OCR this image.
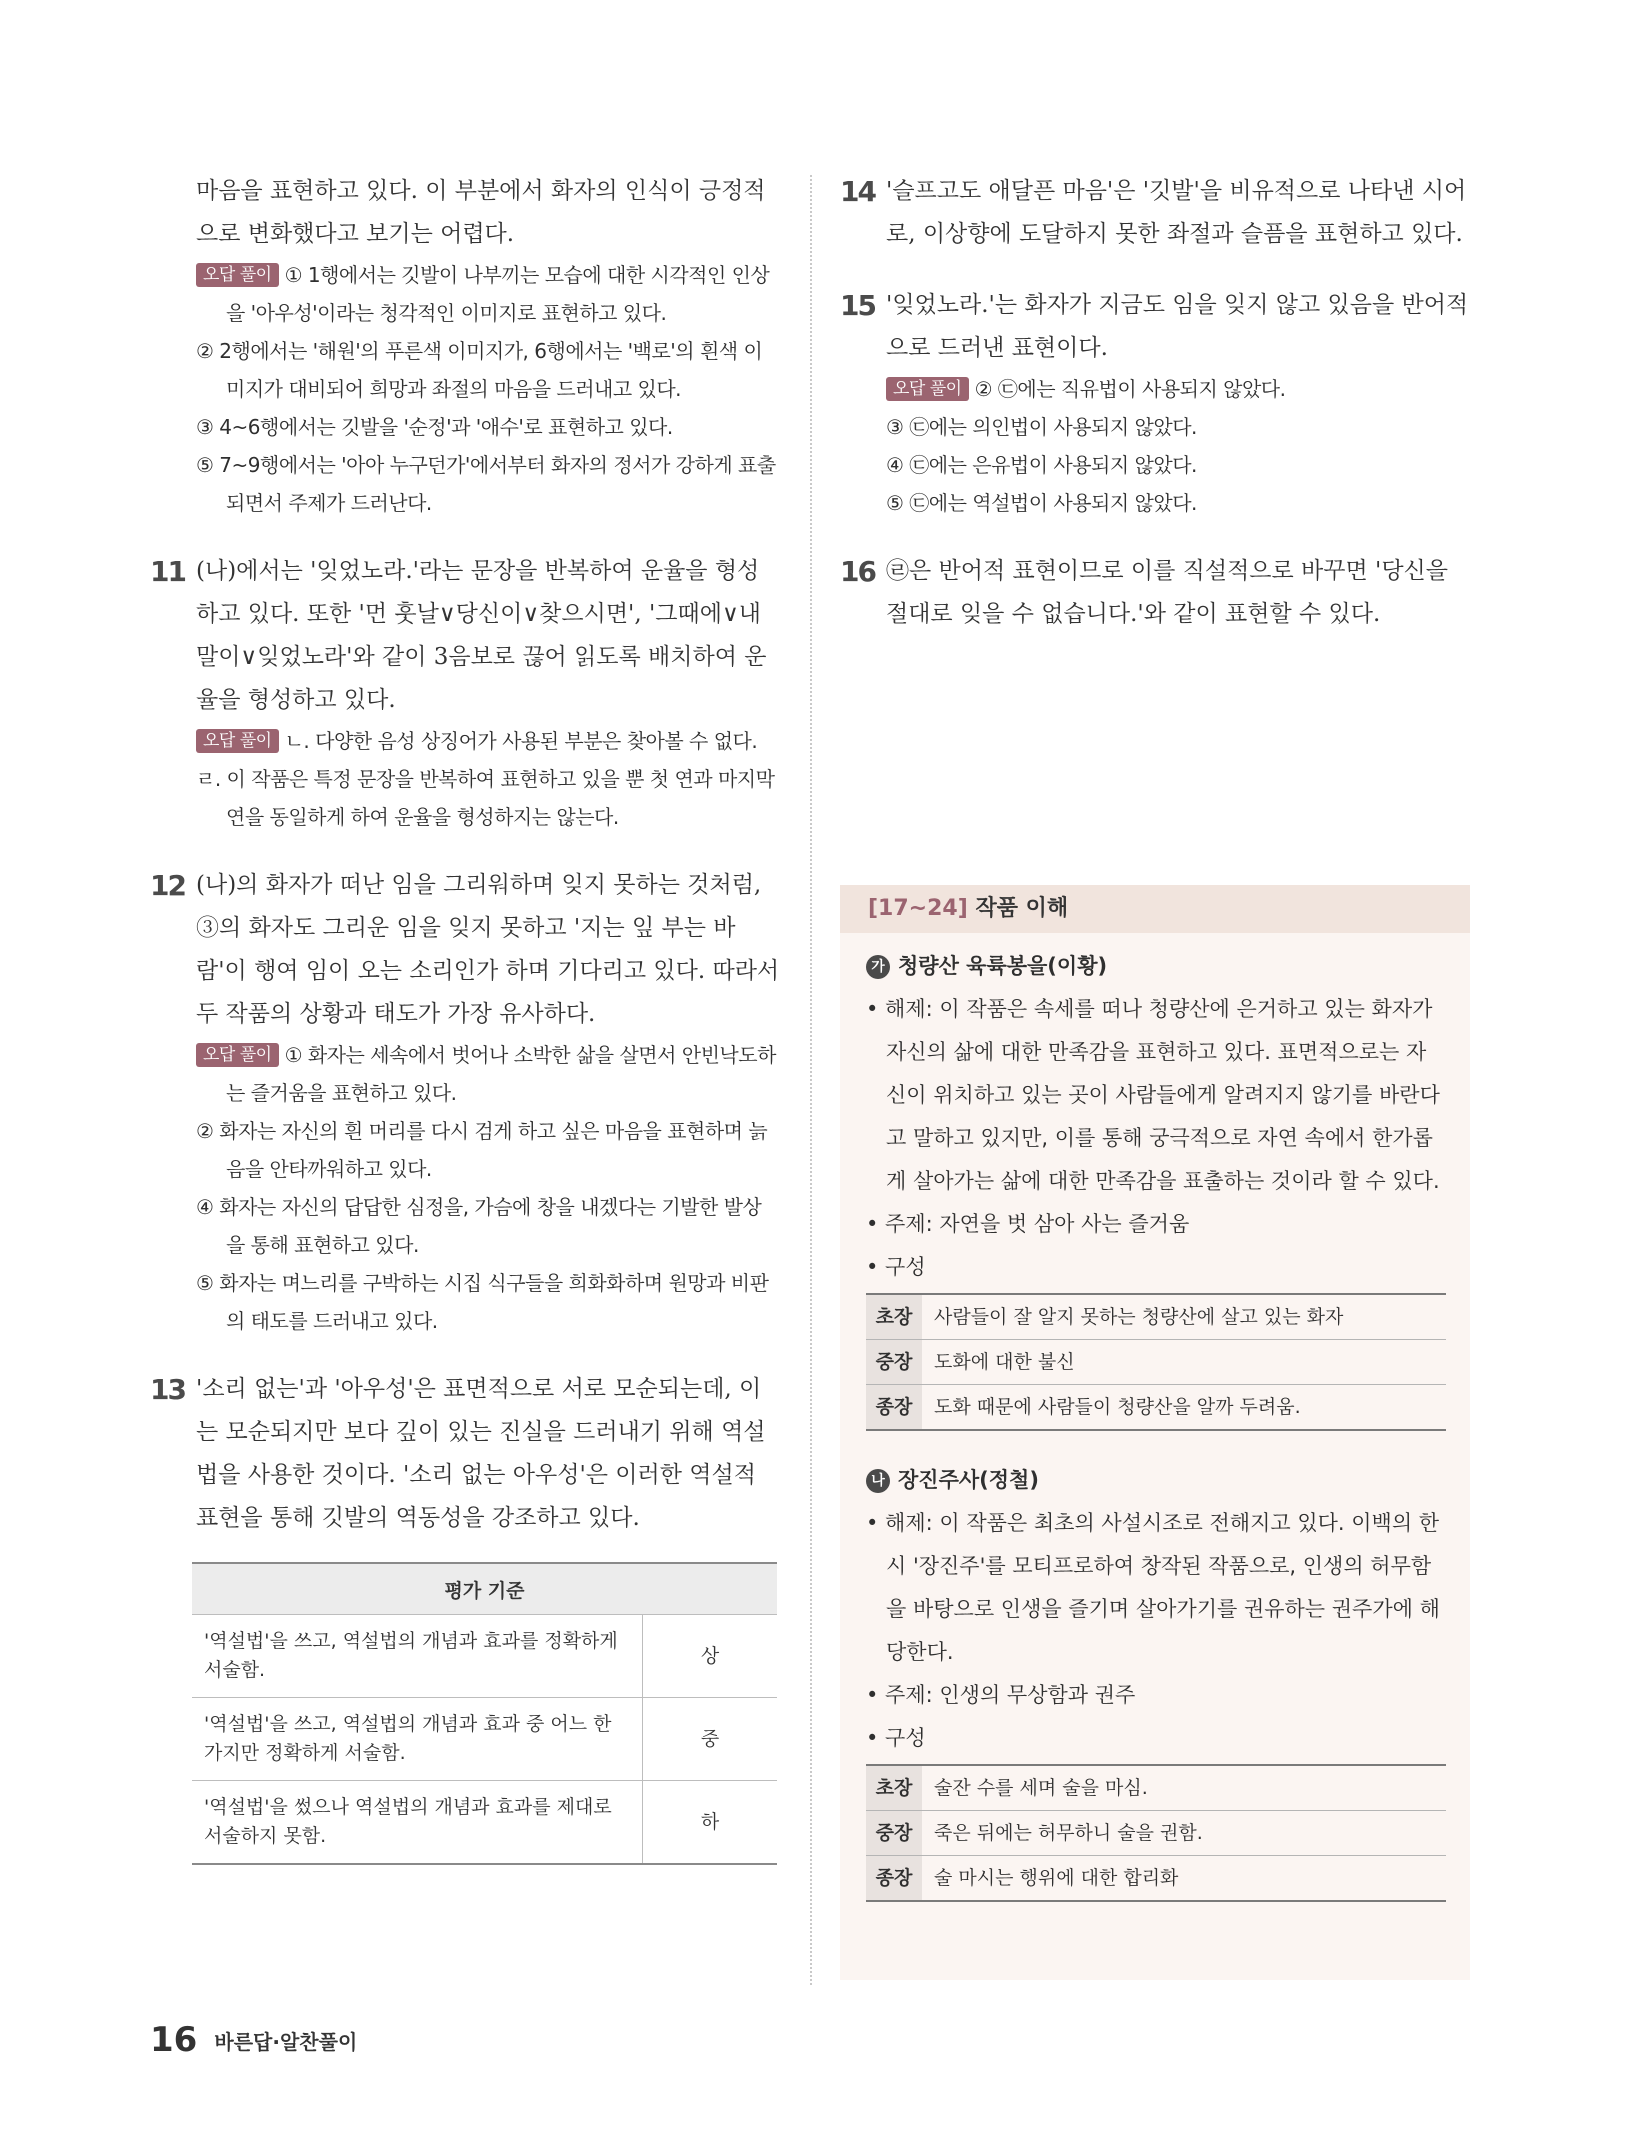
마음을 표현하고 있다. 이 부분에서 화자의 인식이 긍정적으로 변화했다고 보기는 어렵다.
오답 풀이 ① 1행에서는 깃발이 나부끼는 모습에 대한 시각적인 인상을 '아우성'이라는 청각적인 이미지로 표현하고 있다.
② 2행에서는 '해원'의 푸른색 이미지가, 6행에서는 '백로'의 흰색 이미지가 대비되어 희망과 좌절의 마음을 드러내고 있다.
③ 4~6행에서는 깃발을 '순정'과 '애수'로 표현하고 있다.
⑤ 7~9행에서는 '아아 누구던가'에서부터 화자의 정서가 강하게 표출되면서 주제가 드러난다.
11 (나)에서는 '잊었노라.'라는 문장을 반복하여 운율을 형성하고 있다. 또한 '먼 훗날∨당신이∨찾으시면', '그때에∨내 말이∨잊었노라'와 같이 3음보로 끊어 읽도록 배치하여 운율을 형성하고 있다.
오답 풀이 ㄴ. 다양한 음성 상징어가 사용된 부분은 찾아볼 수 없다.
ㄹ. 이 작품은 특정 문장을 반복하여 표현하고 있을 뿐 첫 연과 마지막 연을 동일하게 하여 운율을 형성하지는 않는다.
12 (나)의 화자가 떠난 임을 그리워하며 잊지 못하는 것처럼, ③의 화자도 그리운 임을 잊지 못하고 '지는 잎 부는 바람'이 행여 임이 오는 소리인가 하며 기다리고 있다. 따라서 두 작품의 상황과 태도가 가장 유사하다.
오답 풀이 ① 화자는 세속에서 벗어나 소박한 삶을 살면서 안빈낙도하는 즐거움을 표현하고 있다.
② 화자는 자신의 흰 머리를 다시 검게 하고 싶은 마음을 표현하며 늙음을 안타까워하고 있다.
④ 화자는 자신의 답답한 심정을, 가슴에 창을 내겠다는 기발한 발상을 통해 표현하고 있다.
⑤ 화자는 며느리를 구박하는 시집 식구들을 희화화하며 원망과 비판의 태도를 드러내고 있다.
13 '소리 없는'과 '아우성'은 표면적으로 서로 모순되는데, 이는 모순되지만 보다 깊이 있는 진실을 드러내기 위해 역설법을 사용한 것이다. '소리 없는 아우성'은 이러한 역설적 표현을 통해 깃발의 역동성을 강조하고 있다.
평가 기준	
'역설법'을 쓰고, 역설법의 개념과 효과를 정확하게 서술함.	상
'역설법'을 쓰고, 역설법의 개념과 효과 중 어느 한 가지만 정확하게 서술함.	중
'역설법'을 썼으나 역설법의 개념과 효과를 제대로 서술하지 못함.	하
14 '슬프고도 애달픈 마음'은 '깃발'을 비유적으로 나타낸 시어로, 이상향에 도달하지 못한 좌절과 슬픔을 표현하고 있다.
15 '잊었노라.'는 화자가 지금도 임을 잊지 않고 있음을 반어적으로 드러낸 표현이다.
오답 풀이 ② ㉢에는 직유법이 사용되지 않았다.
③ ㉢에는 의인법이 사용되지 않았다.
④ ㉢에는 은유법이 사용되지 않았다.
⑤ ㉢에는 역설법이 사용되지 않았다.
16 ㉣은 반어적 표현이므로 이를 직설적으로 바꾸면 '당신을 절대로 잊을 수 없습니다.'와 같이 표현할 수 있다.
[17~24] 작품 이해
가 청량산 육륙봉을(이황)
• 해제: 이 작품은 속세를 떠나 청량산에 은거하고 있는 화자가 자신의 삶에 대한 만족감을 표현하고 있다. 표면적으로는 자신이 위치하고 있는 곳이 사람들에게 알려지지 않기를 바란다고 말하고 있지만, 이를 통해 궁극적으로 자연 속에서 한가롭게 살아가는 삶에 대한 만족감을 표출하는 것이라 할 수 있다.
• 주제: 자연을 벗 삼아 사는 즐거움
• 구성
초장	사람들이 잘 알지 못하는 청량산에 살고 있는 화자
중장	도화에 대한 불신
종장	도화 때문에 사람들이 청량산을 알까 두려움.
나 장진주사(정철)
• 해제: 이 작품은 최초의 사설시조로 전해지고 있다. 이백의 한시 '장진주'를 모티프로하여 창작된 작품으로, 인생의 허무함을 바탕으로 인생을 즐기며 살아가기를 권유하는 권주가에 해당한다.
• 주제: 인생의 무상함과 권주
• 구성
초장	술잔 수를 세며 술을 마심.
중장	죽은 뒤에는 허무하니 술을 권함.
종장	술 마시는 행위에 대한 합리화
16 바른답·알찬풀이
